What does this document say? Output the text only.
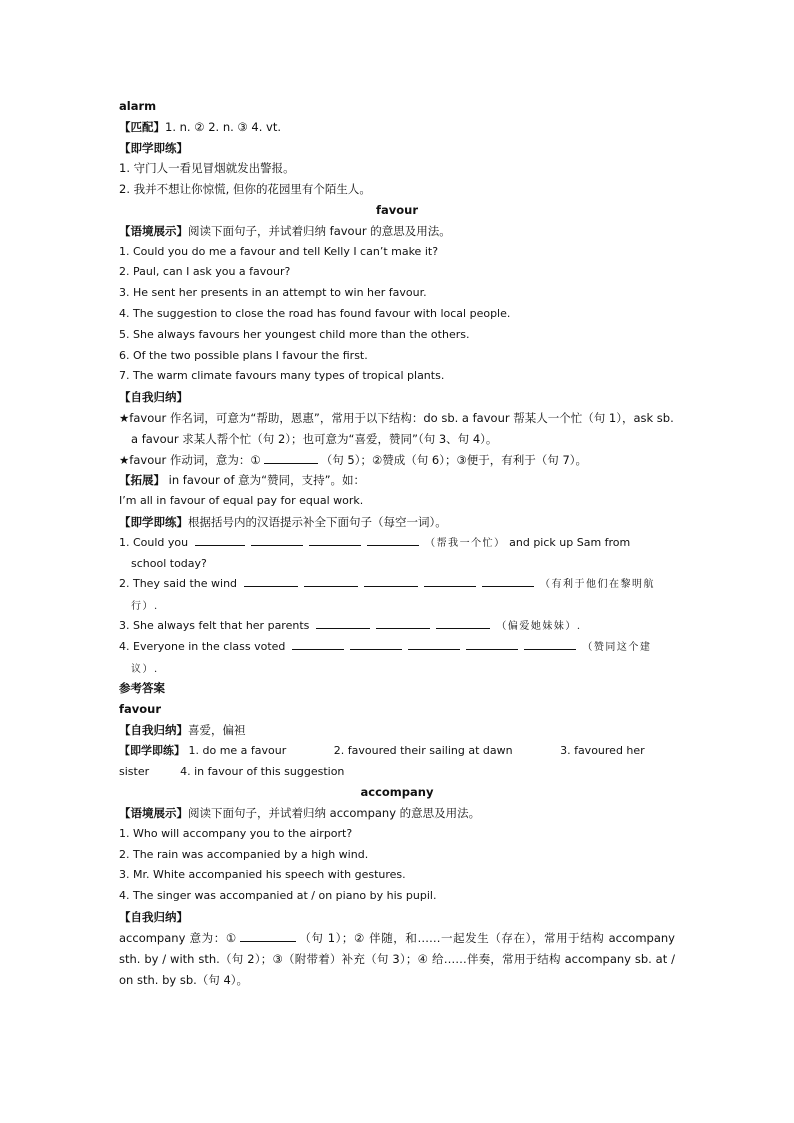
alarm
【匹配】1. n. ② 2. n. ③ 4. vt.
【即学即练】
1. 守门人一看见冒烟就发出警报。
2. 我并不想让你惊慌, 但你的花园里有个陌生人。
favour
【语境展示】阅读下面句子，并试着归纳 favour 的意思及用法。
1. Could you do me a favour and tell Kelly I can’t make it?
2. Paul, can I ask you a favour?
3. He sent her presents in an attempt to win her favour.
4. The suggestion to close the road has found favour with local people.
5. She always favours her youngest child more than the others.
6. Of the two possible plans I favour the first.
7. The warm climate favours many types of tropical plants.
【自我归纳】
★favour 作名词，可意为“帮助，恩惠”，常用于以下结构：do sb. a favour 帮某人一个忙（句 1），ask sb. a favour 求某人帮个忙（句 2）；也可意为“喜爱，赞同”（句 3、句 4）。
★favour 作动词，意为：①	（句 5）；②赞成（句 6）；③便于，有利于（句 7）。
【拓展】 in favour of 意为“赞同，支持”。如：
I’m all in favour of equal pay for equal work.
【即学即练】根据括号内的汉语提示补全下面句子（每空一词）。
1. Could you	（帮我一个忙） and pick up Sam from
school today?
2. They said the wind	（有利于他们在黎明航
行）.
3. She always felt that her parents	（偏爱她妹妹）.
4. Everyone in the class voted	（赞同这个建
议）.
参考答案
favour
【自我归纳】喜爱，偏袒
【即学即练】 1. do me a favour	2. favoured their sailing at dawn	3. favoured her
sister	4. in favour of this suggestion
accompany
【语境展示】阅读下面句子，并试着归纳 accompany 的意思及用法。
1. Who will accompany you to the airport?
2. The rain was accompanied by a high wind.
3. Mr. White accompanied his speech with gestures.
4. The singer was accompanied at / on piano by his pupil.
【自我归纳】
accompany 意为：①	（句 1）；② 伴随，和……一起发生（存在），常用于结构 accompany sth. by / with sth.（句 2）；③（附带着）补充（句 3）；④ 给……伴奏，常用于结构 accompany sb. at / on sth. by sb.（句 4）。
